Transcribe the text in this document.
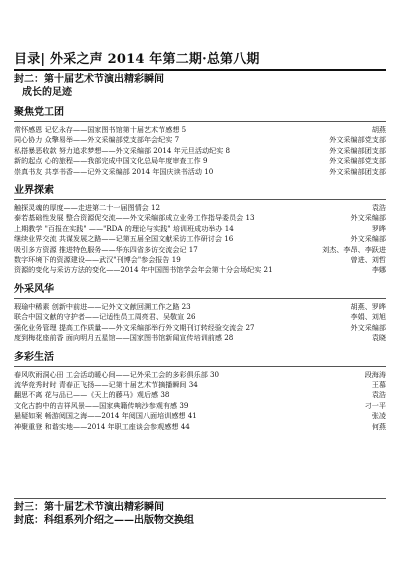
目录| 外采之声 2014 年第二期·总第八期
封二：第十届艺术节演出精彩瞬间
成长的足迹
聚焦党工团
常怀感恩 记忆永存——国家图书馆第十届艺术节感想 5	胡燕
同心协力 众擎易举——外文采编部党支部年会纪实 7	外文采编部党支部
私搭暴恶收款 努力追求梦想——外文采编部 2014 年元旦活动纪实 8	外文采编部团支部
新的起点 心的旅程——我部完成中国文化总局年度审查工作 9	外文采编部党支部
崇真书友 共享书香——记外文采编部 2014 年国庆读书活动 10	外文采编部团支部
业界探索
触探灵魂的厚度——走进第二十一届图情会 12	袁浩
泰若基础性发展 整合资源促交流——外文采编部成立业务工作指导委员会 13	外文采编部
上期教学 "百报在实践" ——"RDA 的理论与实践" 培训班成功举办 14	罗晔
继续业界交流 共谋发展之路——记第五届全国文献采访工作研讨会 16	外文采编部
吸引多方资源 推进特色服务——华东四省多访交流会记 17	刘杰、李昂、李跃进
数字环境下的资源建设——武汉"刊博会"参会报告 19	曾进、刘哲
资源的变化与采访方法的变化——2014 年中国图书馆学会年会第十分会场纪实 21	李娜
外采风华
瑕瑜中稀素 创新中前进——记外文文献回溯工作之路 23	胡燕、罗晔
联合中国文献的守护者——记适性员工周亮君、吴敬宣 26	李娟、刘旭
强化业务管理 提高工作质量——外文采编部举行外文期刊订转经验交流会 27	外文采编部
度到梅花座前香 面向明月五星馆——国家图书馆新闻宣传培训前感 28	袁晓
多彩生活
春风吹雨洞心田 工会活动暖心间——记外采工会的多彩俱乐部 30	段海涛
流华竞秀时时 青春正飞扬——记第十届艺术节摘播瞬间 34	王慕
翻思不离 花与品已——《天上的藤马》观后感 38	袁浩
文化古韵中的吉祥风景——国家典籍传响沙参观有感 39	刁一平
悬疑如案 畅游阅国之海——2014 年阅国八面培训感想 41	张凌
神聚重登 和谐实地——2014 年职工座谈会参观感想 44	何燕
封三：第十届艺术节演出精彩瞬间
封底：科组系列介绍之——出版物交换组
